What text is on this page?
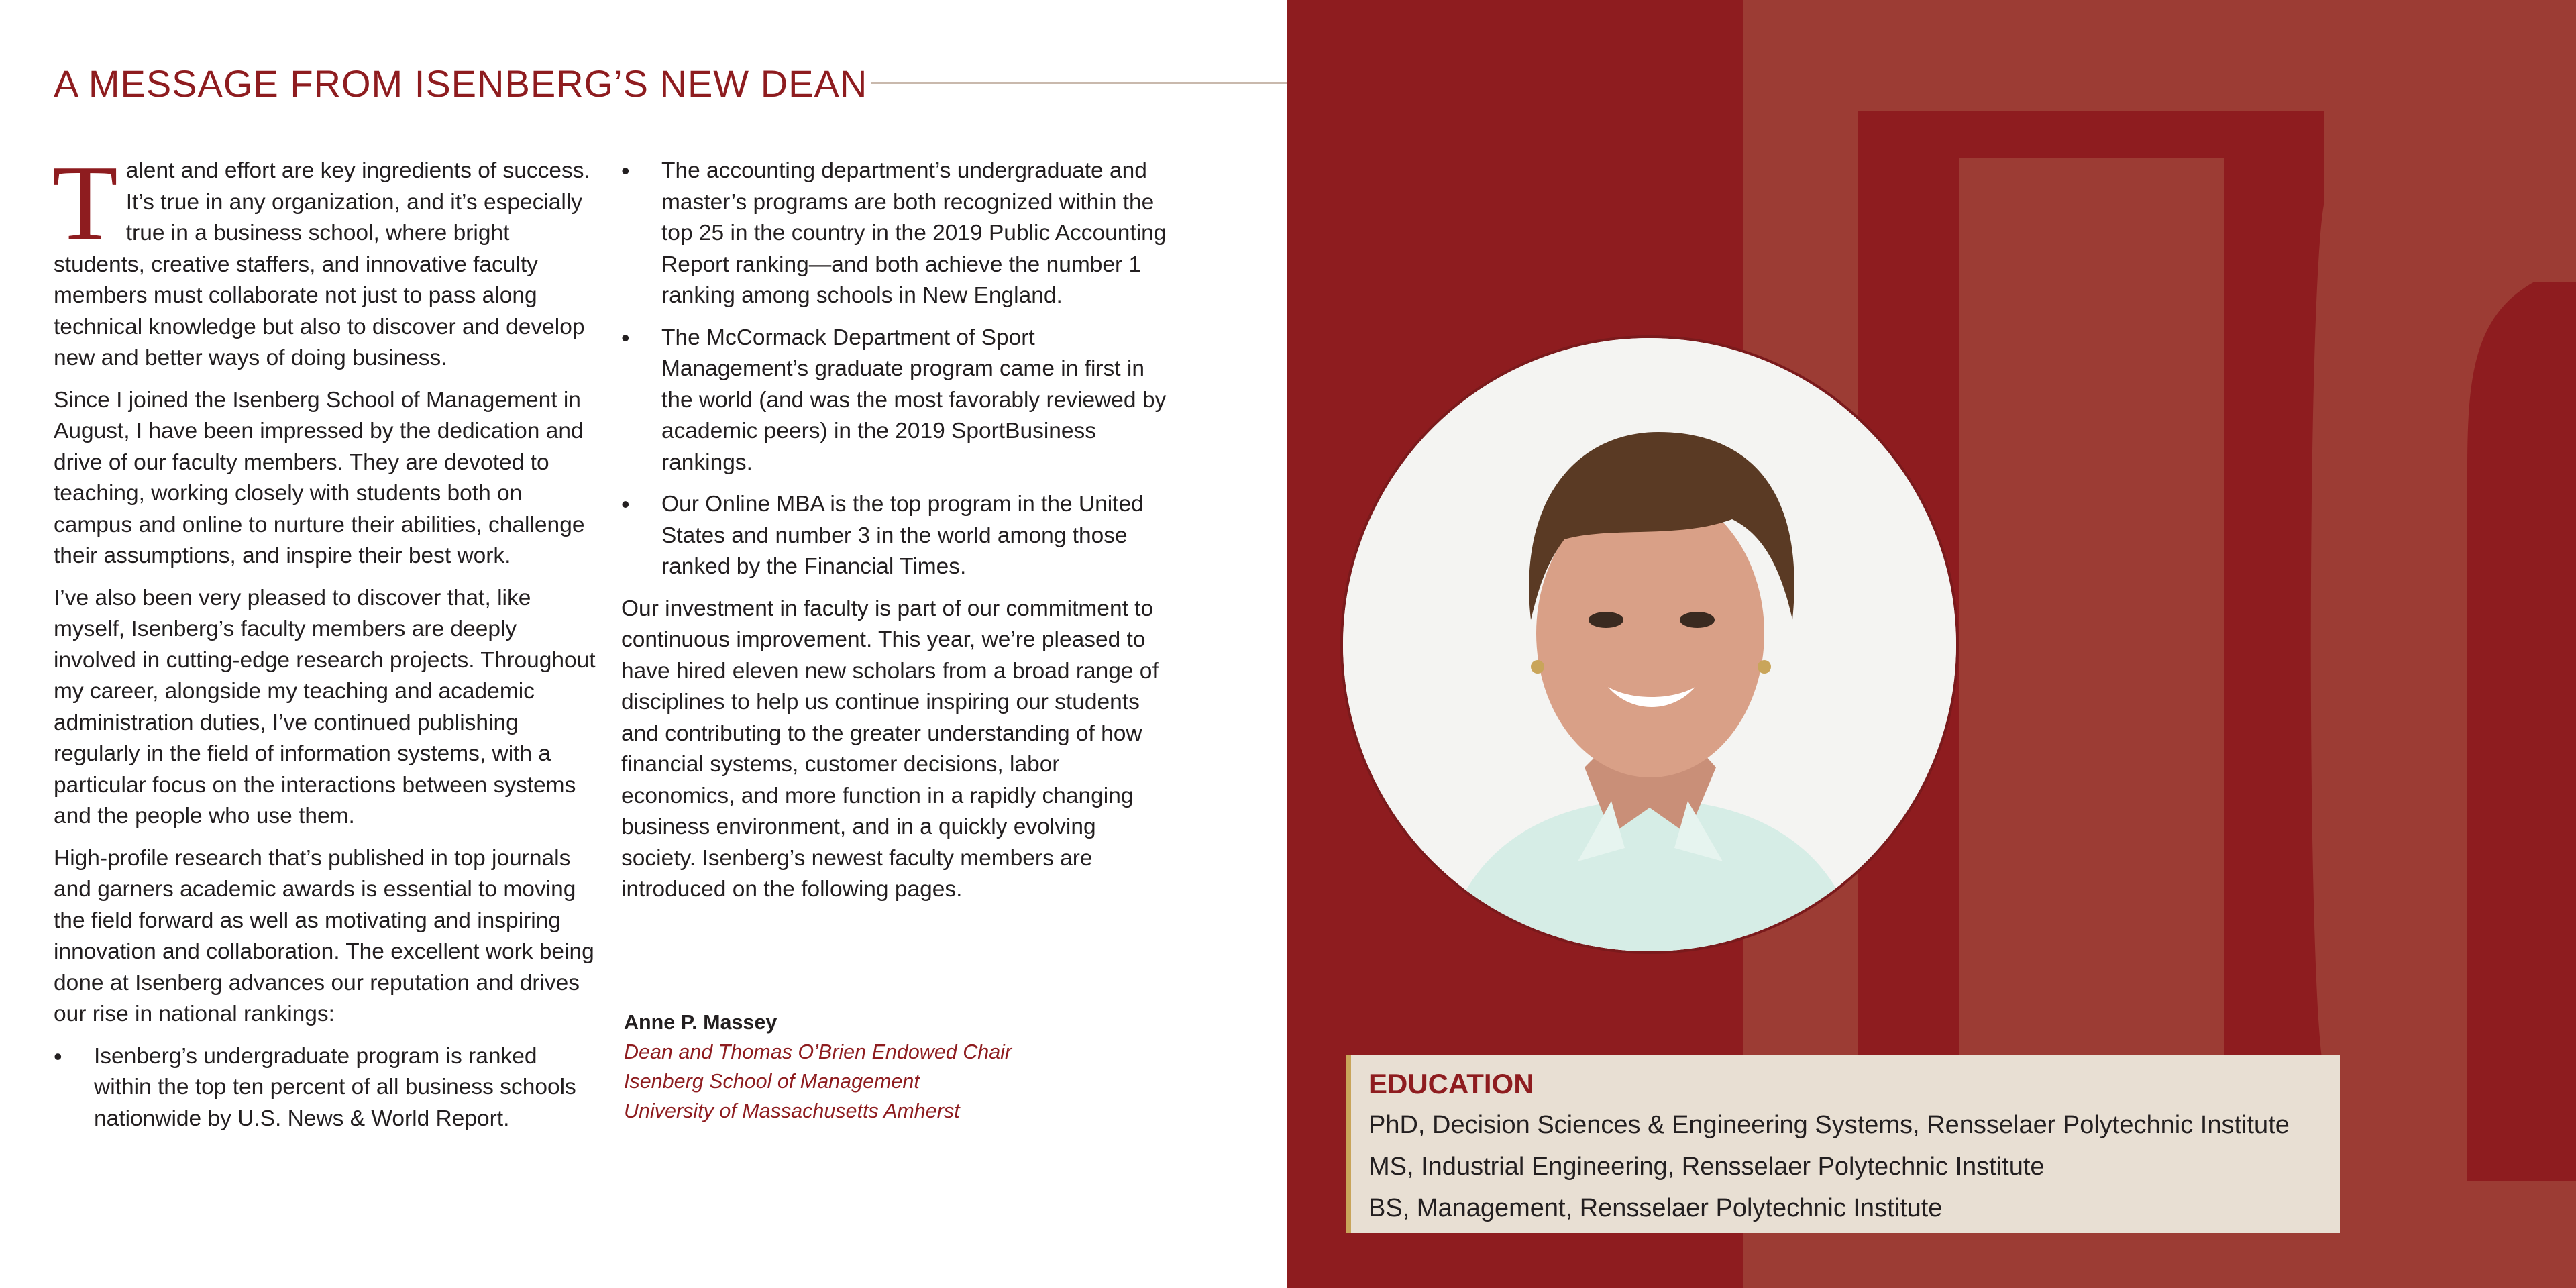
A MESSAGE FROM ISENBERG’S NEW DEAN

Talent and effort are key ingredients of success. It’s true in any organization, and it’s especially true in a business school, where bright students, creative staffers, and innovative faculty members must collaborate not just to pass along technical knowledge but also to discover and develop new and better ways of doing business.

Since I joined the Isenberg School of Management in August, I have been impressed by the dedication and drive of our faculty members. They are devoted to teaching, working closely with students both on campus and online to nurture their abilities, challenge their assumptions, and inspire their best work.

I’ve also been very pleased to discover that, like myself, Isenberg’s faculty members are deeply involved in cutting-edge research projects. Throughout my career, alongside my teaching and academic administration duties, I’ve continued publishing regularly in the field of information systems, with a particular focus on the interactions between systems and the people who use them.

High-profile research that’s published in top journals and garners academic awards is essential to moving the field forward as well as motivating and inspiring innovation and collaboration. The excellent work being done at Isenberg advances our reputation and drives our rise in national rankings:

• Isenberg’s undergraduate program is ranked within the top ten percent of all business schools nationwide by U.S. News & World Report.
• The accounting department’s undergraduate and master’s programs are both recognized within the top 25 in the country in the 2019 Public Accounting Report ranking—and both achieve the number 1 ranking among schools in New England.
• The McCormack Department of Sport Management’s graduate program came in first in the world (and was the most favorably reviewed by academic peers) in the 2019 SportBusiness rankings.
• Our Online MBA is the top program in the United States and number 3 in the world among those ranked by the Financial Times.

Our investment in faculty is part of our commitment to continuous improvement. This year, we’re pleased to have hired eleven new scholars from a broad range of disciplines to help us continue inspiring our students and contributing to the greater understanding of how financial systems, customer decisions, labor economics, and more function in a rapidly changing business environment, and in a quickly evolving society. Isenberg’s newest faculty members are introduced on the following pages.

Anne P. Massey
Dean and Thomas O’Brien Endowed Chair
Isenberg School of Management
University of Massachusetts Amherst
EDUCATION
PhD, Decision Sciences & Engineering Systems, Rensselaer Polytechnic Institute
MS, Industrial Engineering, Rensselaer Polytechnic Institute
BS, Management, Rensselaer Polytechnic Institute
